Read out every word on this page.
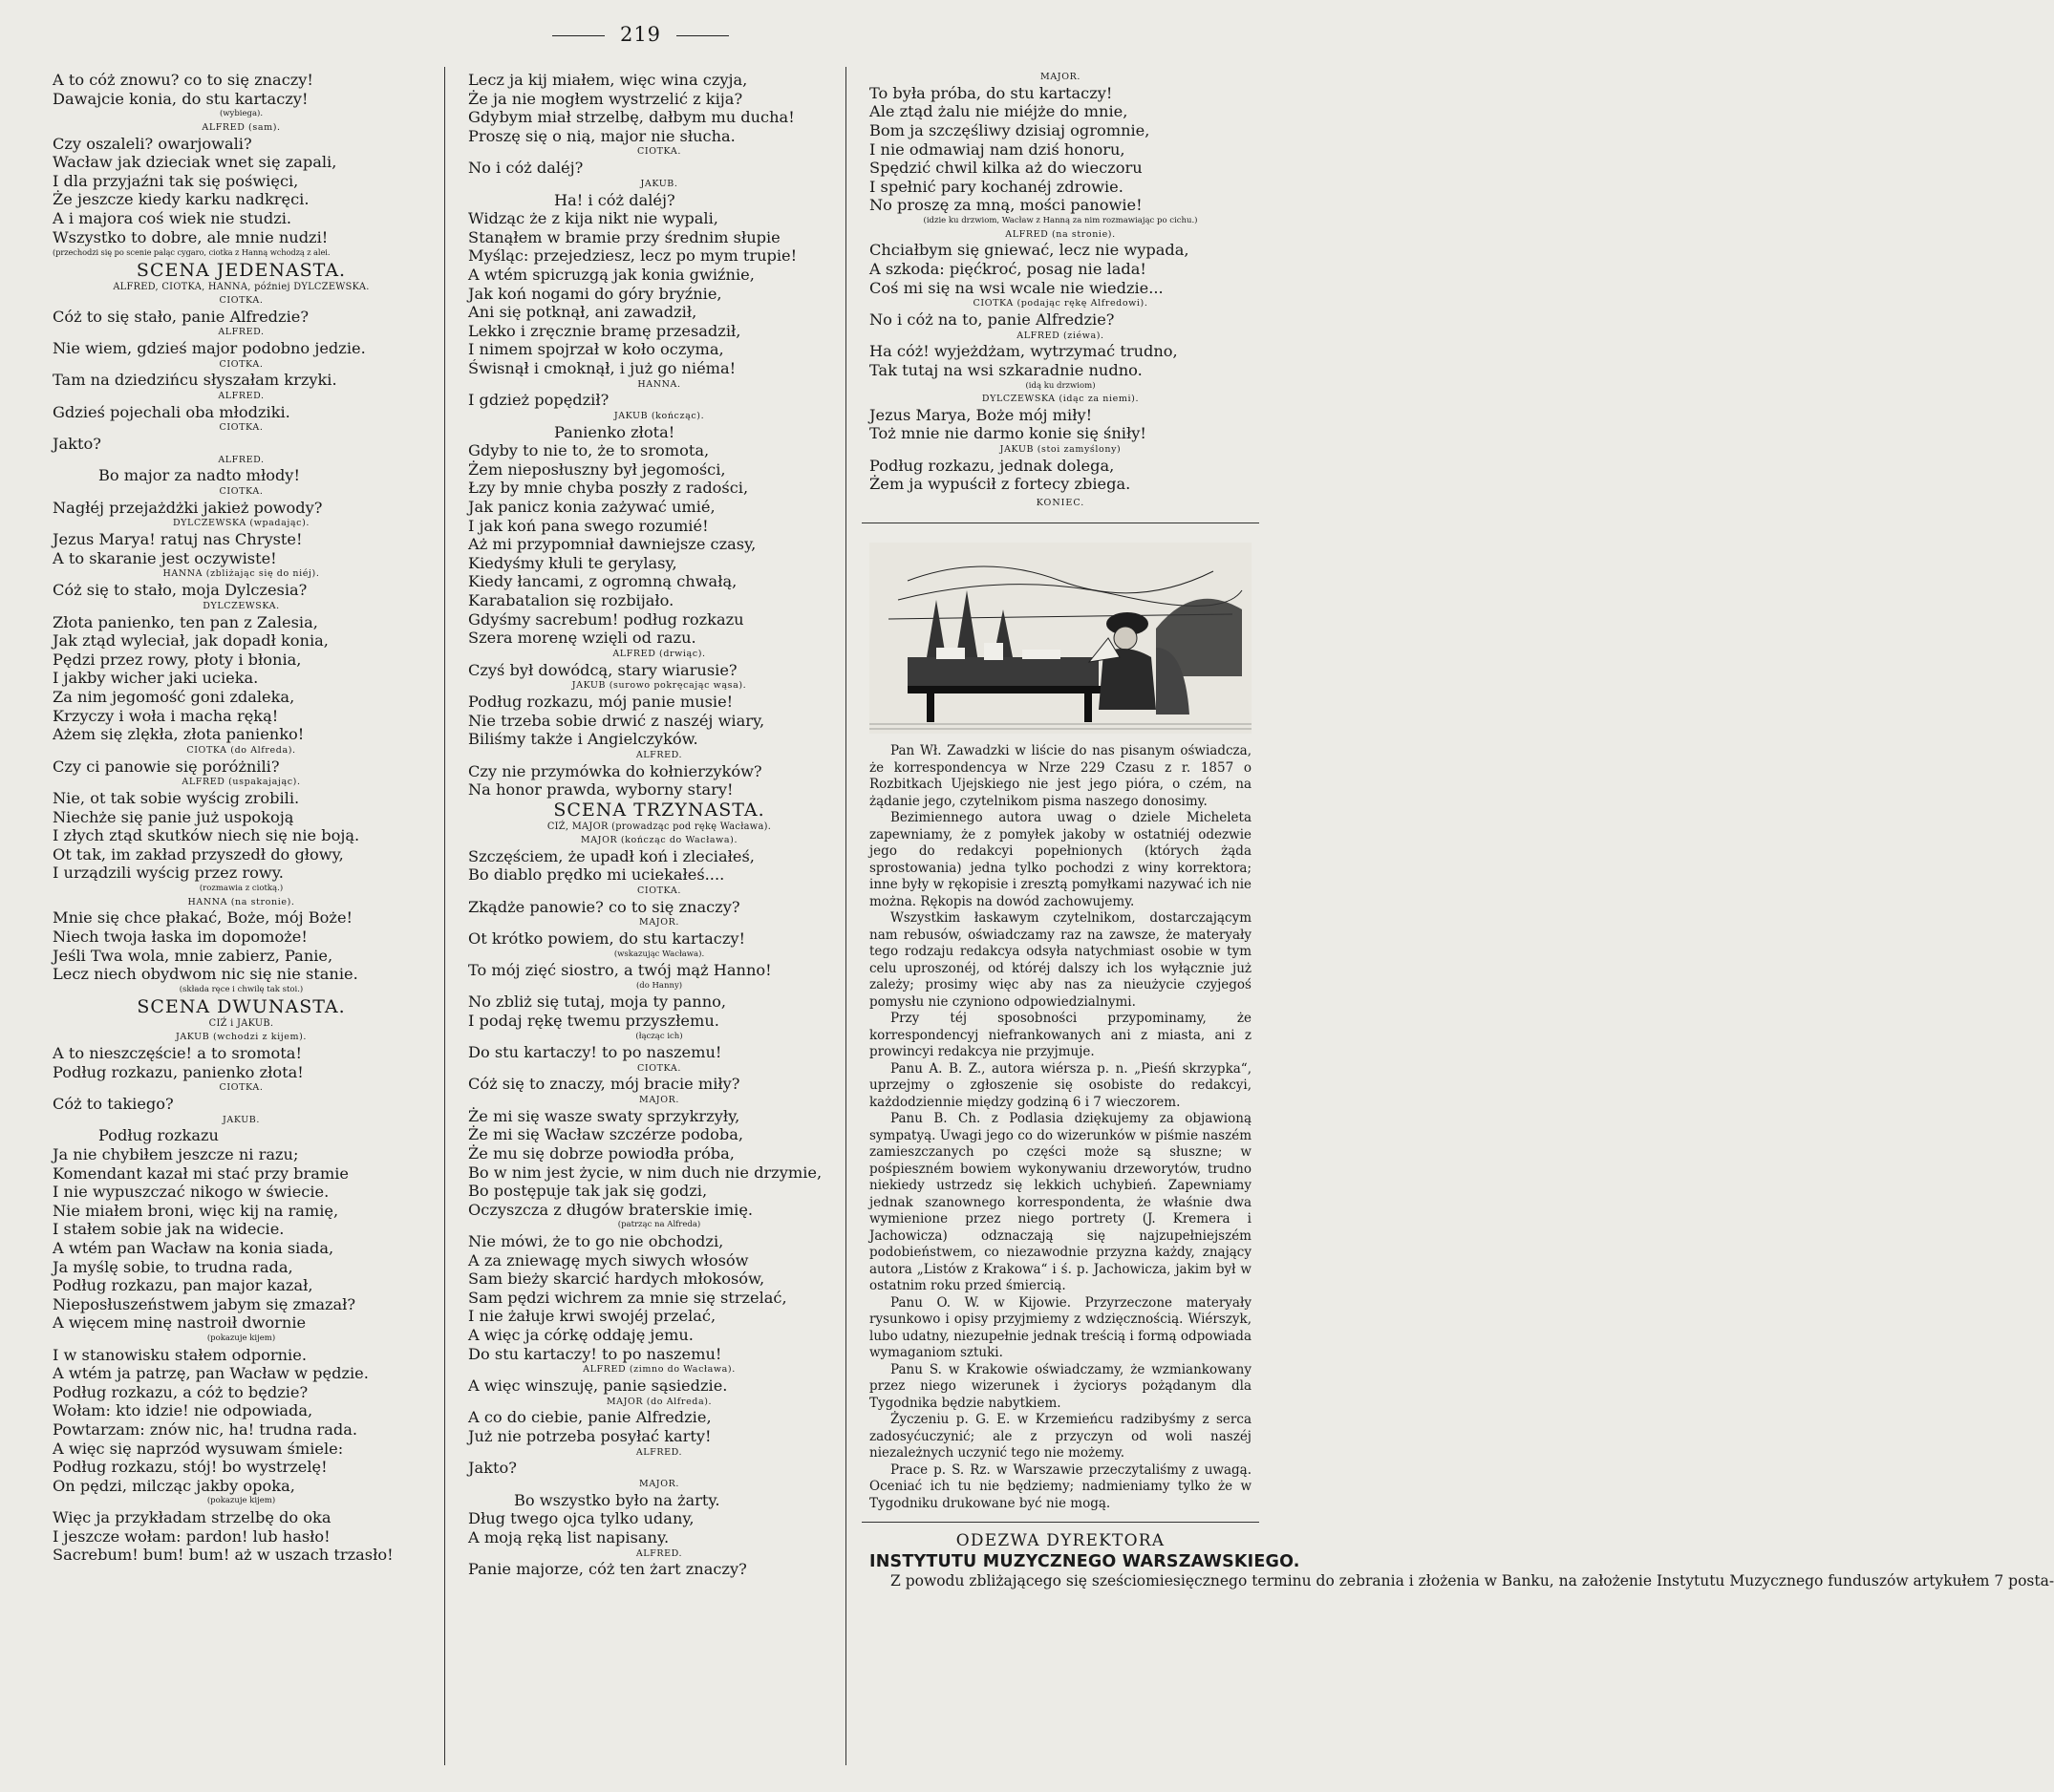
219

A to cóż znowu? co to się znaczy!

Dawajcie konia, do stu kartaczy!

(wybiega).

ALFRED (sam).

Czy oszaleli? owarjowali?

Wacław jak dzieciak wnet się zapali,

I dla przyjaźni tak się poświęci,

Że jeszcze kiedy karku nadkręci.

A i majora coś wiek nie studzi.

Wszystko to dobre, ale mnie nudzi!

(przechodzi się po scenie paląc cygaro, ciotka z Hanną wchodzą z alei.

SCENA JEDENASTA.

ALFRED, CIOTKA, HANNA, później DYLCZEWSKA.

CIOTKA.

Cóż to się stało, panie Alfredzie?

ALFRED.

Nie wiem, gdzieś major podobno jedzie.

CIOTKA.

Tam na dziedzińcu słyszałam krzyki.

ALFRED.

Gdzieś pojechali oba młodziki.

CIOTKA.

Jakto?

ALFRED.

Bo major za nadto młody!

CIOTKA.

Nagłéj przejażdżki jakież powody?

DYLCZEWSKA (wpadając).

Jezus Marya! ratuj nas Chryste!

A to skaranie jest oczywiste!

HANNA (zbliżając się do niéj).

Cóż się to stało, moja Dylczesia?

DYLCZEWSKA.

Złota panienko, ten pan z Zalesia,

Jak ztąd wyleciał, jak dopadł konia,

Pędzi przez rowy, płoty i błonia,

I jakby wicher jaki ucieka.

Za nim jegomość goni zdaleka,

Krzyczy i woła i macha ręką!

Ażem się zlękła, złota panienko!

CIOTKA (do Alfreda).

Czy ci panowie się poróżnili?

ALFRED (uspakajając).

Nie, ot tak sobie wyścig zrobili.

Niechże się panie już uspokoją

I złych ztąd skutków niech się nie boją.

Ot tak, im zakład przyszedł do głowy,

I urządzili wyścig przez rowy.

(rozmawia z ciotką.)

HANNA (na stronie).

Mnie się chce płakać, Boże, mój Boże!

Niech twoja łaska im dopomoże!

Jeśli Twa wola, mnie zabierz, Panie,

Lecz niech obydwom nic się nie stanie.

(składa ręce i chwilę tak stoi.)

SCENA DWUNASTA.

CIŹ i JAKUB.

JAKUB (wchodzi z kijem).

A to nieszczęście! a to sromota!

Podług rozkazu, panienko złota!

CIOTKA.

Cóż to takiego?

JAKUB.

Podług rozkazu

Ja nie chybiłem jeszcze ni razu;

Komendant kazał mi stać przy bramie

I nie wypuszczać nikogo w świecie.

Nie miałem broni, więc kij na ramię,

I stałem sobie jak na widecie.

A wtém pan Wacław na konia siada,

Ja myślę sobie, to trudna rada,

Podług rozkazu, pan major kazał,

Nieposłuszeństwem jabym się zmazał?

A więcem minę nastroił dwornie

(pokazuje kijem)

I w stanowisku stałem odpornie.

A wtém ja patrzę, pan Wacław w pędzie.

Podług rozkazu, a cóż to będzie?

Wołam: kto idzie! nie odpowiada,

Powtarzam: znów nic, ha! trudna rada.

A więc się naprzód wysuwam śmiele:

Podług rozkazu, stój! bo wystrzelę!

On pędzi, milcząc jakby opoka,

(pokazuje kijem)

Więc ja przykładam strzelbę do oka

I jeszcze wołam: pardon! lub hasło!

Sacrebum! bum! bum! aż w uszach trzasło!

Lecz ja kij miałem, więc wina czyja,

Że ja nie mogłem wystrzelić z kija?

Gdybym miał strzelbę, dałbym mu ducha!

Proszę się o nią, major nie słucha.

CIOTKA.

No i cóż daléj?

JAKUB.

Ha! i cóż daléj?

Widząc że z kija nikt nie wypali,

Stanąłem w bramie przy średnim słupie

Myśląc: przejedziesz, lecz po mym trupie!

A wtém spicruzgą jak konia gwiźnie,

Jak koń nogami do góry bryźnie,

Ani się potknął, ani zawadził,

Lekko i zręcznie bramę przesadził,

I nimem spojrzał w koło oczyma,

Świsnął i cmoknął, i już go niéma!

HANNA.

I gdzież popędził?

JAKUB (kończąc).

Panienko złota!

Gdyby to nie to, że to sromota,

Żem nieposłuszny był jegomości,

Łzy by mnie chyba poszły z radości,

Jak panicz konia zażywać umié,

I jak koń pana swego rozumié!

Aż mi przypomniał dawniejsze czasy,

Kiedyśmy kłuli te gerylasy,

Kiedy łancami, z ogromną chwałą,

Karabatalion się rozbijało.

Gdyśmy sacrebum! podług rozkazu

Szera morenę wzięli od razu.

ALFRED (drwiąc).

Czyś był dowódcą, stary wiarusie?

JAKUB (surowo pokręcając wąsa).

Podług rozkazu, mój panie musie!

Nie trzeba sobie drwić z naszéj wiary,

Biliśmy także i Angielczyków.

ALFRED.

Czy nie przymówka do kołnierzyków?

Na honor prawda, wyborny stary!

SCENA TRZYNASTA.

CIŹ, MAJOR (prowadząc pod rękę Wacława).

MAJOR (kończąc do Wacława).

Szczęściem, że upadł koń i zleciałeś,

Bo diablo prędko mi uciekałeś....

CIOTKA.

Zkądże panowie? co to się znaczy?

MAJOR.

Ot krótko powiem, do stu kartaczy!

(wskazując Wacława).

To mój zięć siostro, a twój mąż Hanno!

(do Hanny)

No zbliż się tutaj, moja ty panno,

I podaj rękę twemu przyszłemu.

(łącząc ich)

Do stu kartaczy! to po naszemu!

CIOTKA.

Cóż się to znaczy, mój bracie miły?

MAJOR.

Że mi się wasze swaty sprzykrzyły,

Że mi się Wacław szczérze podoba,

Że mu się dobrze powiodła próba,

Bo w nim jest życie, w nim duch nie drzymie,

Bo postępuje tak jak się godzi,

Oczyszcza z długów braterskie imię.

(patrząc na Alfreda)

Nie mówi, że to go nie obchodzi,

A za zniewagę mych siwych włosów

Sam bieży skarcić hardych młokosów,

Sam pędzi wichrem za mnie się strzelać,

I nie żałuje krwi swojéj przelać,

A więc ja córkę oddaję jemu.

Do stu kartaczy! to po naszemu!

ALFRED (zimno do Wacława).

A więc winszuję, panie sąsiedzie.

MAJOR (do Alfreda).

A co do ciebie, panie Alfredzie,

Już nie potrzeba posyłać karty!

ALFRED.

Jakto?

MAJOR.

Bo wszystko było na żarty.

Dług twego ojca tylko udany,

A moją ręką list napisany.

ALFRED.

Panie majorze, cóż ten żart znaczy?

MAJOR.

To była próba, do stu kartaczy!

Ale ztąd żalu nie miéjże do mnie,

Bom ja szczęśliwy dzisiaj ogromnie,

I nie odmawiaj nam dziś honoru,

Spędzić chwil kilka aż do wieczoru

I spełnić pary kochanéj zdrowie.

No proszę za mną, mości panowie!

(idzie ku drzwiom, Wacław z Hanną za nim rozmawiając po cichu.)

ALFRED (na stronie).

Chciałbym się gniewać, lecz nie wypada,

A szkoda: pięćkroć, posag nie lada!

Coś mi się na wsi wcale nie wiedzie...

CIOTKA (podając rękę Alfredowi).

No i cóż na to, panie Alfredzie?

ALFRED (ziéwa).

Ha cóż! wyjeżdżam, wytrzymać trudno,

Tak tutaj na wsi szkaradnie nudno.

(idą ku drzwiom)

DYLCZEWSKA (idąc za niemi).

Jezus Marya, Boże mój miły!

Toż mnie nie darmo konie się śniły!

JAKUB (stoi zamyślony)

Podług rozkazu, jednak dolega,

Żem ja wypuścił z fortecy zbiega.

KONIEC.

Pan Wł. Zawadzki w liście do nas pisanym oświadcza, że korrespondencya w Nrze 229 Czasu z r. 1857 o Rozbitkach Ujejskiego nie jest jego pióra, o czém, na żądanie jego, czytelnikom pisma naszego donosimy.

Bezimiennego autora uwag o dziele Micheleta zapewniamy, że z pomyłek jakoby w ostatniéj odezwie jego do redakcyi popełnionych (których żąda sprostowania) jedna tylko pochodzi z winy korrektora; inne były w rękopisie i zresztą pomyłkami nazywać ich nie można. Rękopis na dowód zachowujemy.

Wszystkim łaskawym czytelnikom, dostarczającym nam rebusów, oświadczamy raz na zawsze, że materyały tego rodzaju redakcya odsyła natychmiast osobie w tym celu uproszonéj, od któréj dalszy ich los wyłącznie już zależy; prosimy więc aby nas za nieużycie czyjegoś pomysłu nie czyniono odpowiedzialnymi.

Przy téj sposobności przypominamy, że korrespondencyj niefrankowanych ani z miasta, ani z prowincyi redakcya nie przyjmuje.

Panu A. B. Z., autora wiérsza p. n. „Pieśń skrzypka“, uprzejmy o zgłoszenie się osobiste do redakcyi, każdodziennie między godziną 6 i 7 wieczorem.

Panu B. Ch. z Podlasia dziękujemy za objawioną sympatyą. Uwagi jego co do wizerunków w piśmie naszém zamieszczanych po części może są słuszne; w pośpieszném bowiem wykonywaniu drzeworytów, trudno niekiedy ustrzedz się lekkich uchybień. Zapewniamy jednak szanownego korrespondenta, że właśnie dwa wymienione przez niego portrety (J. Kremera i Jachowicza) odznaczają się najzupełniejszém podobieństwem, co niezawodnie przyzna każdy, znający autora „Listów z Krakowa“ i ś. p. Jachowicza, jakim był w ostatnim roku przed śmiercią.

Panu O. W. w Kijowie. Przyrzeczone materyały rysunkowo i opisy przyjmiemy z wdzięcznością. Wiérszyk, lubo udatny, niezupełnie jednak treścią i formą odpowiada wymaganiom sztuki.

Panu S. w Krakowie oświadczamy, że wzmiankowany przez niego wizerunek i życiorys pożądanym dla Tygodnika będzie nabytkiem.

Życzeniu p. G. E. w Krzemieńcu radzibyśmy z serca zadosyćuczynić; ale z przyczyn od woli naszéj niezależnych uczynić tego nie możemy.

Prace p. S. Rz. w Warszawie przeczytaliśmy z uwagą. Oceniać ich tu nie będziemy; nadmieniamy tylko że w Tygodniku drukowane być nie mogą.

ODEZWA DYREKTORA

INSTYTUTU MUZYCZNEGO WARSZAWSKIEGO.

Z powodu zbliżającego się sześciomiesięcznego terminu do zebrania i złożenia w Banku, na założenie Instytutu Muzycznego funduszów artykułem 7 posta-
